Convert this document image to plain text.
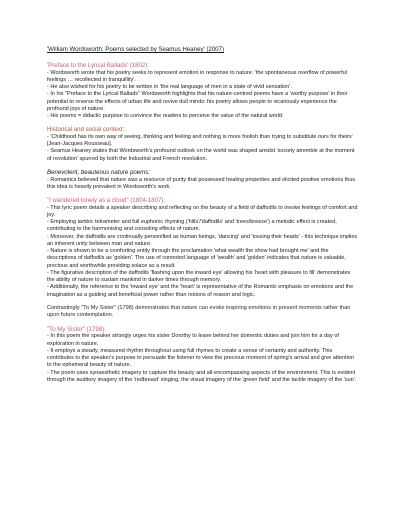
'William Wordsworth: Poems selected by Seamus Heaney' (2007)

'Preface to the Lyrical Ballads' (1802):

- Wordsworth wrote that his poetry seeks to represent emotion in response to nature: 'the spontaneous overflow of powerful feelings … recollected in tranquillity'.

- He also wished for his poetry to be written in 'the real language of men in a state of vivid sensation'.

- In his "Preface to the Lyrical Ballads" Wordsworth highlights that his nature-centred poems have a 'worthy purpose' in their potential to reverse the effects of urban life and revive dull minds: his poetry allows people to vicariously experience the profound joys of nature.

- His poems = didactic purpose to convince the readers to perceive the value of the natural world.

Historical and social context:

- 'Childhood has its own way of seeing, thinking and feeling and nothing is more foolish than trying to substitute ours for theirs' [Jean-Jacques Rousseau].

- Seamus Heaney states that Wordsworth's profound outlook on the world was shaped amidst 'society atremble at the moment of revolution' spurred by both the Industrial and French revolution.

Benevolent, beauteous nature poems:

- Romantics believed that nature was a resource of purity that possessed healing properties and elicited positive emotions thus this idea is heavily prevalent in Wordsworth's work.

"I wandered lonely as a cloud" (1804-1807):

- This lyric poem details a speaker describing and reflecting on the beauty of a field of daffodils to invoke feelings of comfort and joy.

- Employing iambic tetrameter and full euphonic rhyming ('hills'/'daffodils' and 'trees/breeze') a melodic effect is created, contributing to the harmonising and consoling effects of nature.

- Moreover, the daffodils are continually personified as human beings, 'dancing' and 'tossing their heads' - this technique implies an inherent unity between man and nature.

- Nature is shown to be a comforting entity through the proclamation 'what wealth the show had brought me' and the descriptions of daffodils as 'golden'. The use of connoted language of 'wealth' and 'golden' indicates that nature is valuable, precious and worthwhile providing solace as a result.

- The figurative description of the daffodils 'flashing upon the inward eye' allowing his 'heart with pleasure to fill' demonstrates the ability of nature to sustain mankind in darker times through memory.

- Additionally, the reference to the 'inward eye' and the 'heart' is representative of the Romantic emphasis on emotions and the imagination as a guiding and beneficial power rather than notions of reason and logic.

Contrastingly "To My Sister" (1798) demonstrates that nature can evoke inspiring emotions in present moments rather than upon future contemplation.

"To My Sister" (1798):

- In this poem the speaker strongly urges his sister Dorothy to leave behind her domestic duties and join him for a day of exploration in nature.

- It employs a steady, measured rhythm throughout using full rhymes to create a sense of certainty and authority. This contributes to the speaker's purpose to persuade the listener to view the precious moment of spring's arrival and give attention to the ephemeral beauty of nature.

- The poem uses synaesthetic imagery to capture the beauty and all-encompassing aspects of the environment. This is evident through the auditory imagery of the 'redbreast' singing, the visual imagery of the 'green field' and the tactile imagery of the 'sun'.
